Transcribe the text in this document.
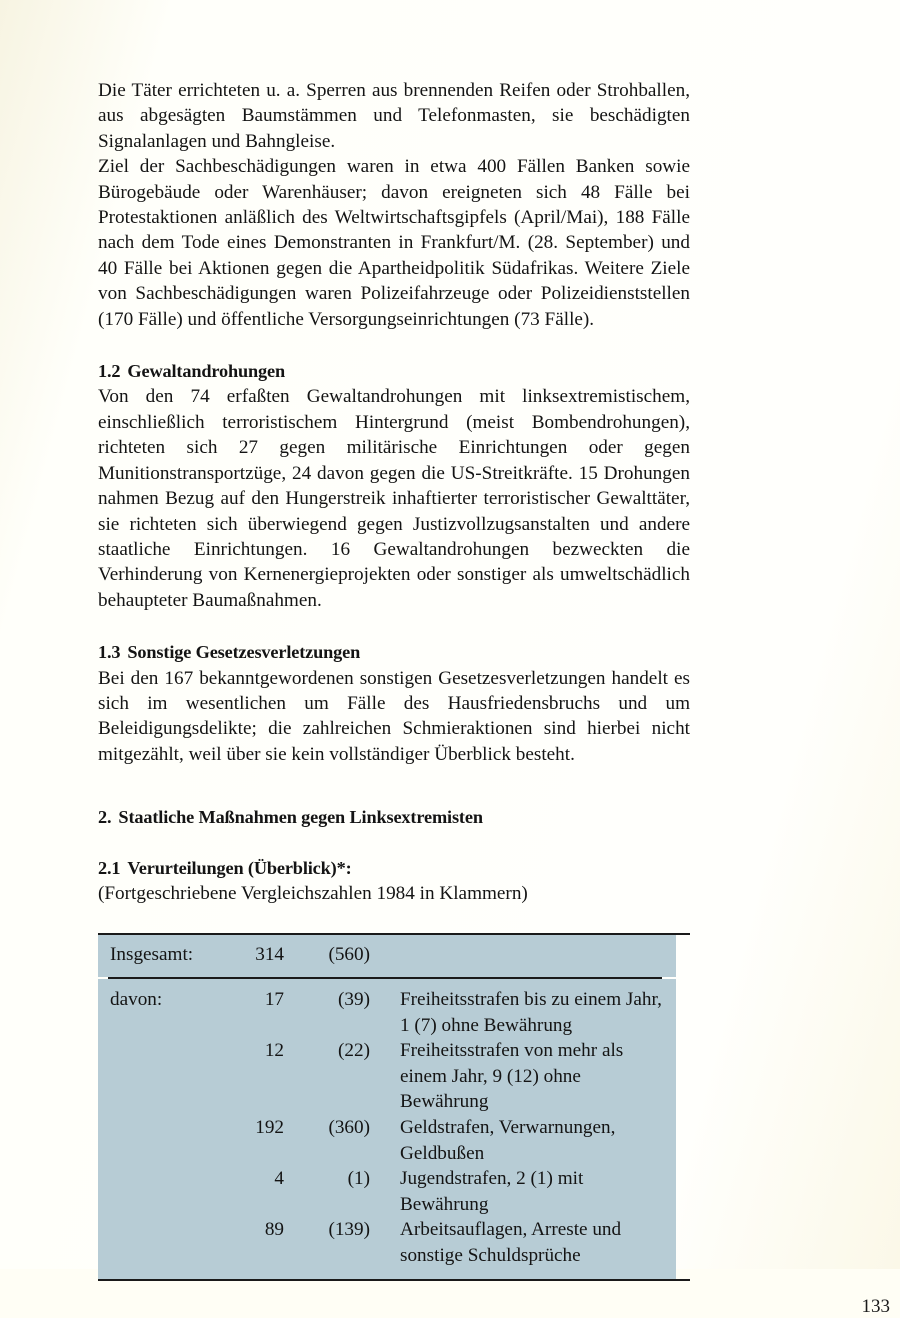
Die Täter errichteten u. a. Sperren aus brennenden Reifen oder Strohballen, aus abgesägten Baumstämmen und Telefonmasten, sie beschädigten Signalanlagen und Bahngleise.

Ziel der Sachbeschädigungen waren in etwa 400 Fällen Banken sowie Bürogebäude oder Warenhäuser; davon ereigneten sich 48 Fälle bei Protestaktionen anläßlich des Weltwirtschaftsgipfels (April/Mai), 188 Fälle nach dem Tode eines Demonstranten in Frankfurt/M. (28. September) und 40 Fälle bei Aktionen gegen die Apartheidpolitik Südafrikas. Weitere Ziele von Sachbeschädigungen waren Polizeifahrzeuge oder Polizeidienststellen (170 Fälle) und öffentliche Versorgungseinrichtungen (73 Fälle).

1.2 Gewaltandrohungen

Von den 74 erfaßten Gewaltandrohungen mit linksextremistischem, einschließlich terroristischem Hintergrund (meist Bombendrohungen), richteten sich 27 gegen militärische Einrichtungen oder gegen Munitionstransportzüge, 24 davon gegen die US-Streitkräfte. 15 Drohungen nahmen Bezug auf den Hungerstreik inhaftierter terroristischer Gewalttäter, sie richteten sich überwiegend gegen Justizvollzugsanstalten und andere staatliche Einrichtungen. 16 Gewaltandrohungen bezweckten die Verhinderung von Kernenergieprojekten oder sonstiger als umweltschädlich behaupteter Baumaßnahmen.

1.3 Sonstige Gesetzesverletzungen

Bei den 167 bekanntgewordenen sonstigen Gesetzesverletzungen handelt es sich im wesentlichen um Fälle des Hausfriedensbruchs und um Beleidigungsdelikte; die zahlreichen Schmieraktionen sind hierbei nicht mitgezählt, weil über sie kein vollständiger Überblick besteht.

2. Staatliche Maßnahmen gegen Linksextremisten
2.1 Verurteilungen (Überblick)*:

(Fortgeschriebene Vergleichszahlen 1984 in Klammern)

Insgesamt:	314	(560)	
davon:	17	(39)	Freiheitsstrafen bis zu einem Jahr, 1 (7) ohne Bewährung
	12	(22)	Freiheitsstrafen von mehr als einem Jahr, 9 (12) ohne Bewährung
	192	(360)	Geldstrafen, Verwarnungen, Geldbußen
	4	(1)	Jugendstrafen, 2 (1) mit Bewährung
	89	(139)	Arbeitsauflagen, Arreste und sonstige Schuldsprüche
133
